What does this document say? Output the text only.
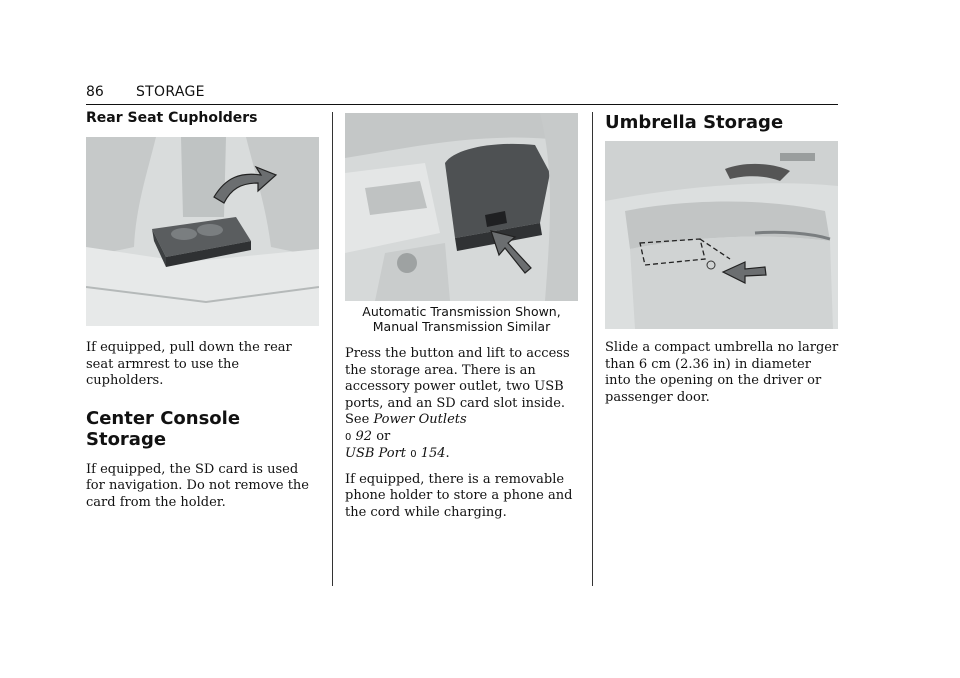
86 STORAGE
Rear Seat Cupholders

If equipped, pull down the rear seat armrest to use the cupholders.

Center Console Storage

If equipped, the SD card is used for navigation. Do not remove the card from the holder.

Automatic Transmission Shown,
Manual Transmission Similar

Press the button and lift to access the storage area. There is an accessory power outlet, two USB ports, and an SD card slot inside. See Power Outlets
0 92 or
USB Port 0 154.

If equipped, there is a removable phone holder to store a phone and the cord while charging.

Umbrella Storage

Slide a compact umbrella no larger than 6 cm (2.36 in) in diameter into the opening on the driver or passenger door.
